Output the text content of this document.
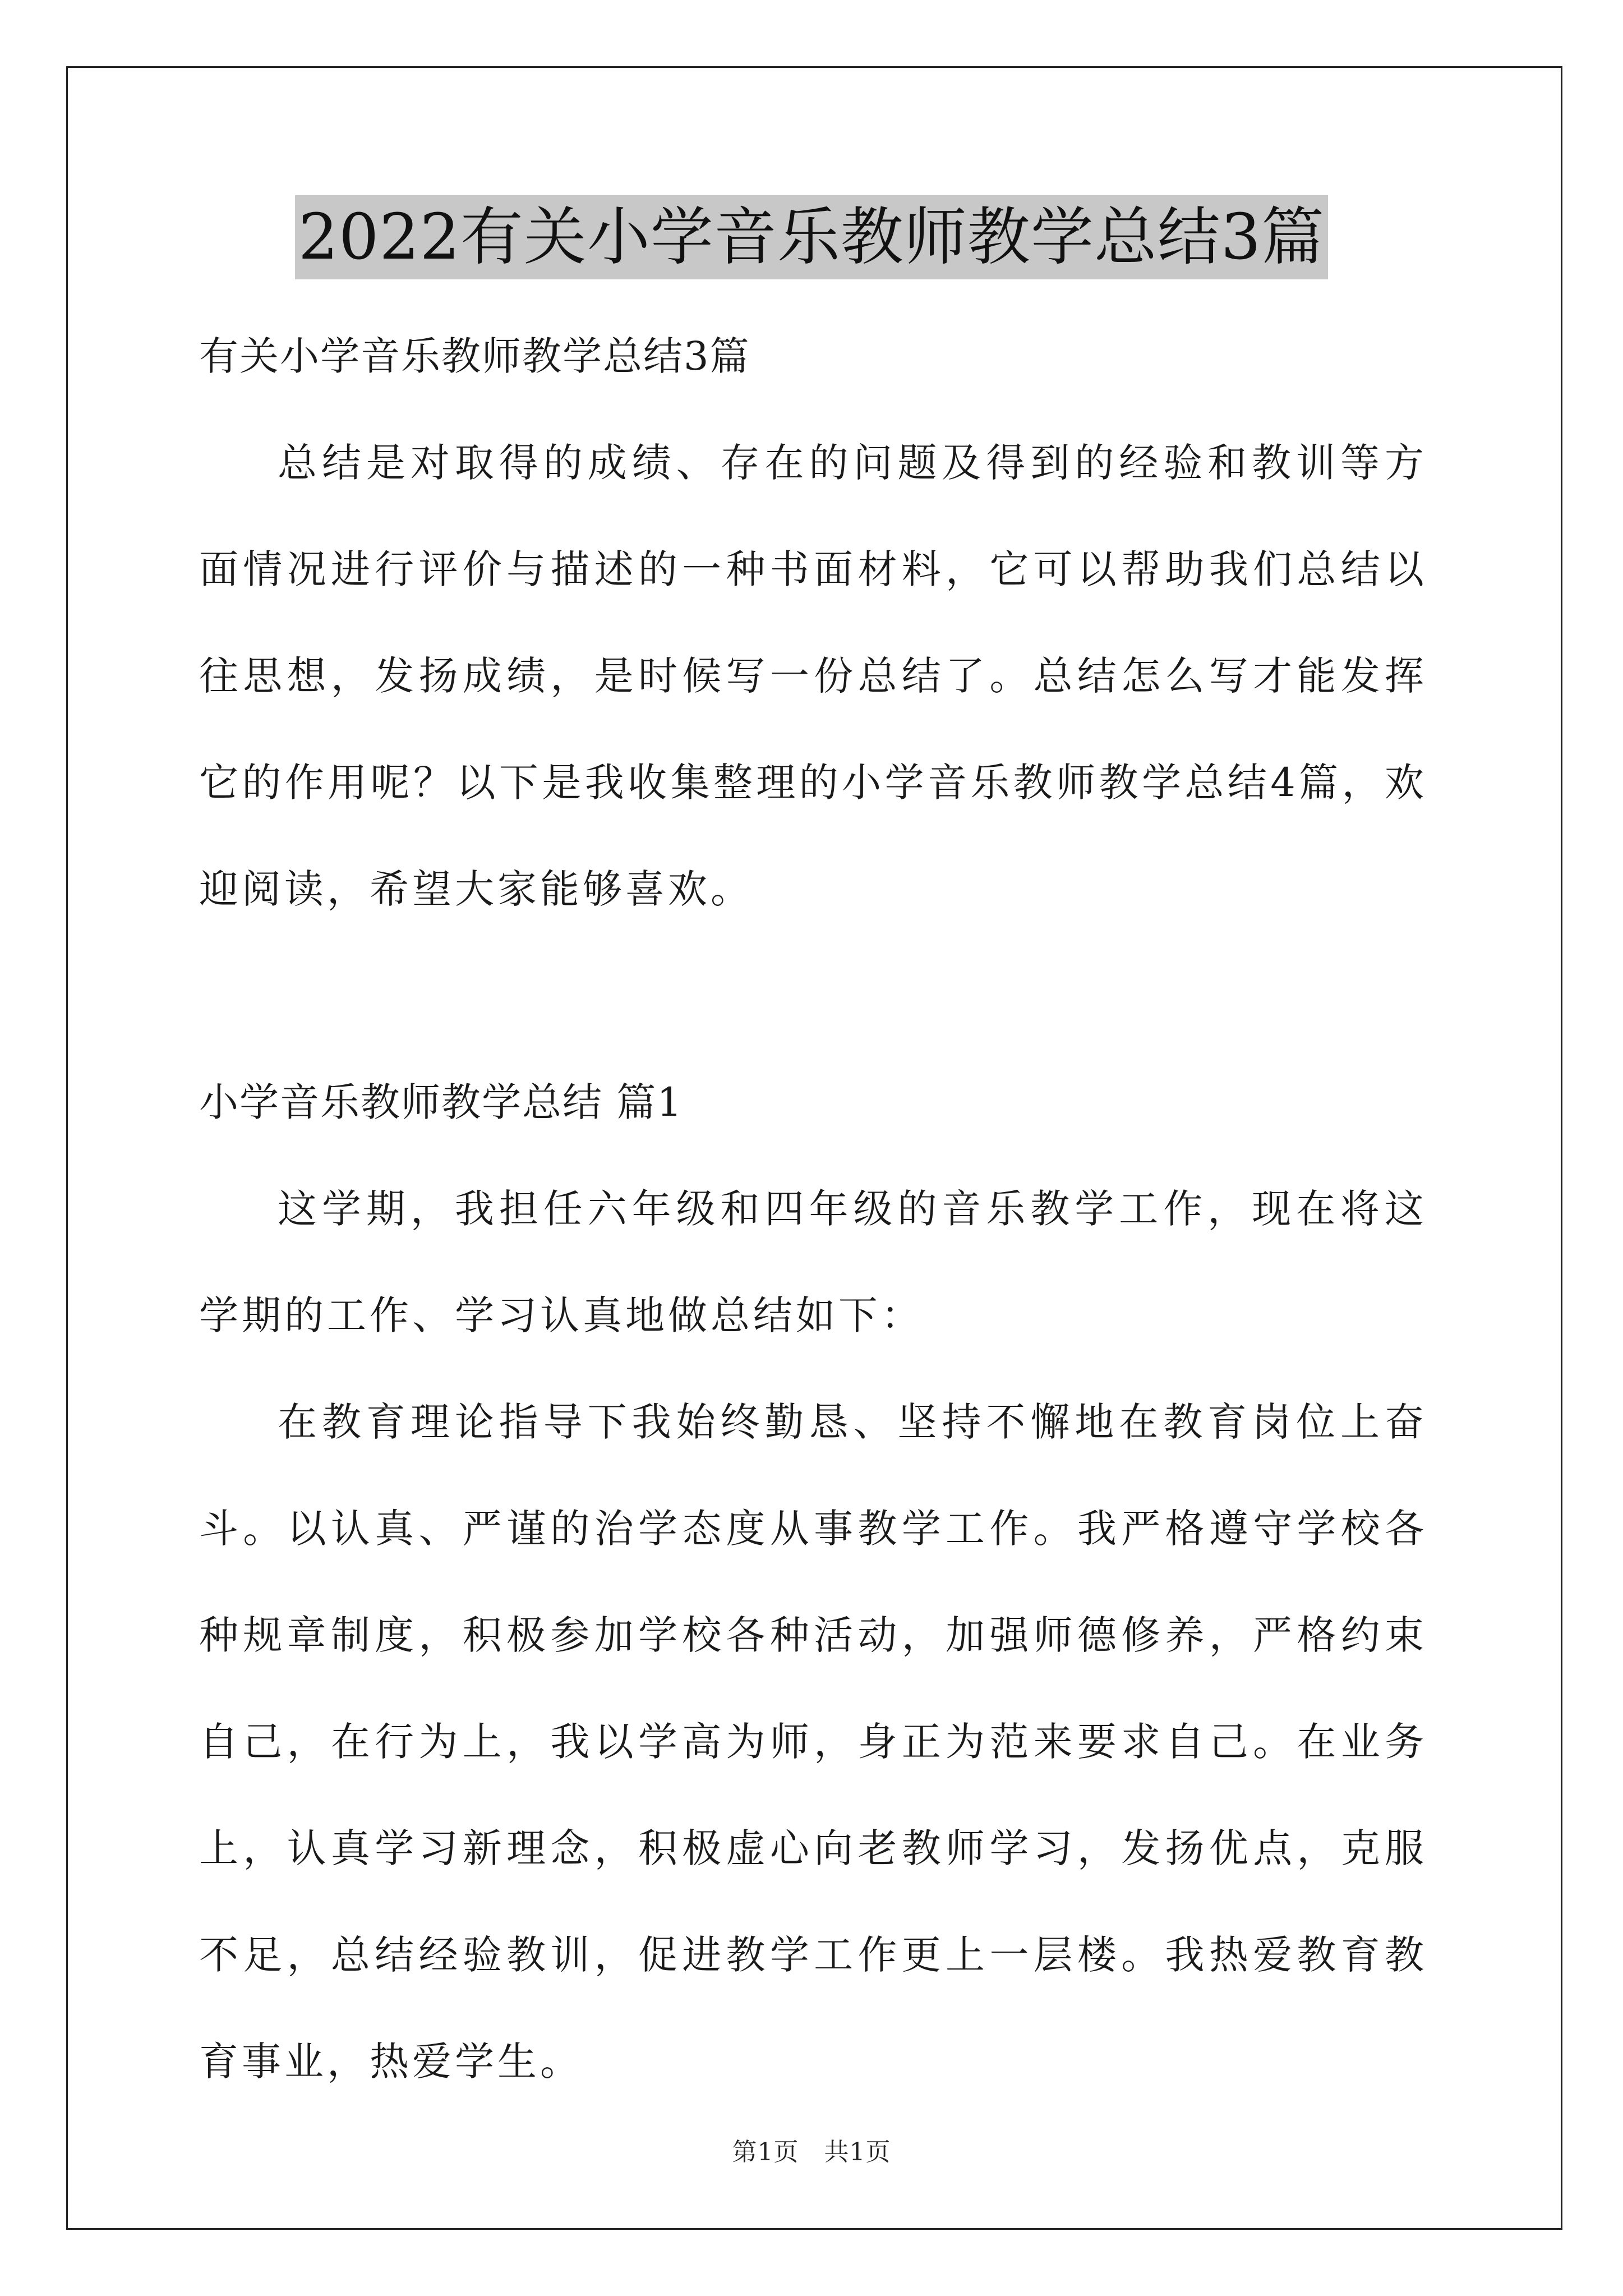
2022有关小学音乐教师教学总结3篇

有关小学音乐教师教学总结3篇

总结是对取得的成绩、存在的问题及得到的经验和教训等方面情况进行评价与描述的一种书面材料，它可以帮助我们总结以往思想，发扬成绩，是时候写一份总结了。总结怎么写才能发挥它的作用呢？以下是我收集整理的小学音乐教师教学总结4篇，欢迎阅读，希望大家能够喜欢。

小学音乐教师教学总结 篇1

这学期，我担任六年级和四年级的音乐教学工作，现在将这学期的工作、学习认真地做总结如下：

在教育理论指导下我始终勤恳、坚持不懈地在教育岗位上奋斗。以认真、严谨的治学态度从事教学工作。我严格遵守学校各种规章制度，积极参加学校各种活动，加强师德修养，严格约束自己，在行为上，我以学高为师，身正为范来要求自己。在业务上，认真学习新理念，积极虚心向老教师学习，发扬优点，克服不足，总结经验教训，促进教学工作更上一层楼。我热爱教育教育事业，热爱学生。

第1页　共1页
